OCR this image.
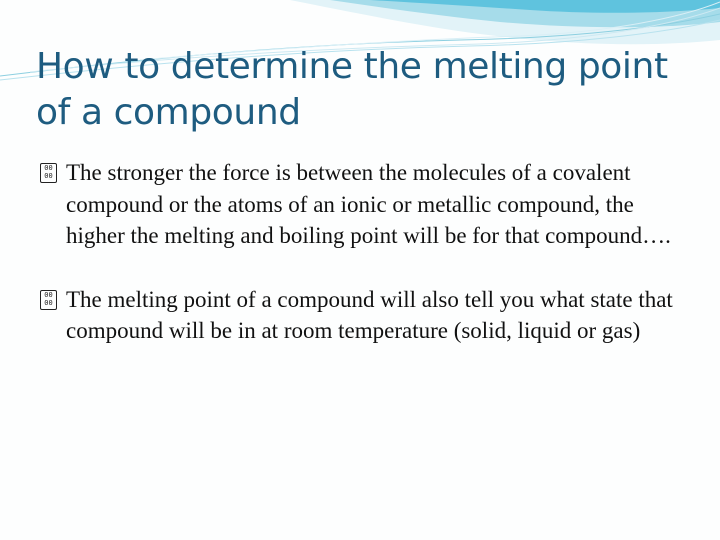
How to determine the melting point of a compound
00
00 The stronger the force is between the molecules of a covalent compound or the atoms of an ionic or metallic compound, the higher the melting and boiling point will be for that compound….
00
00 The melting point of a compound will also tell you what state that compound will be in at room temperature (solid, liquid or gas)
